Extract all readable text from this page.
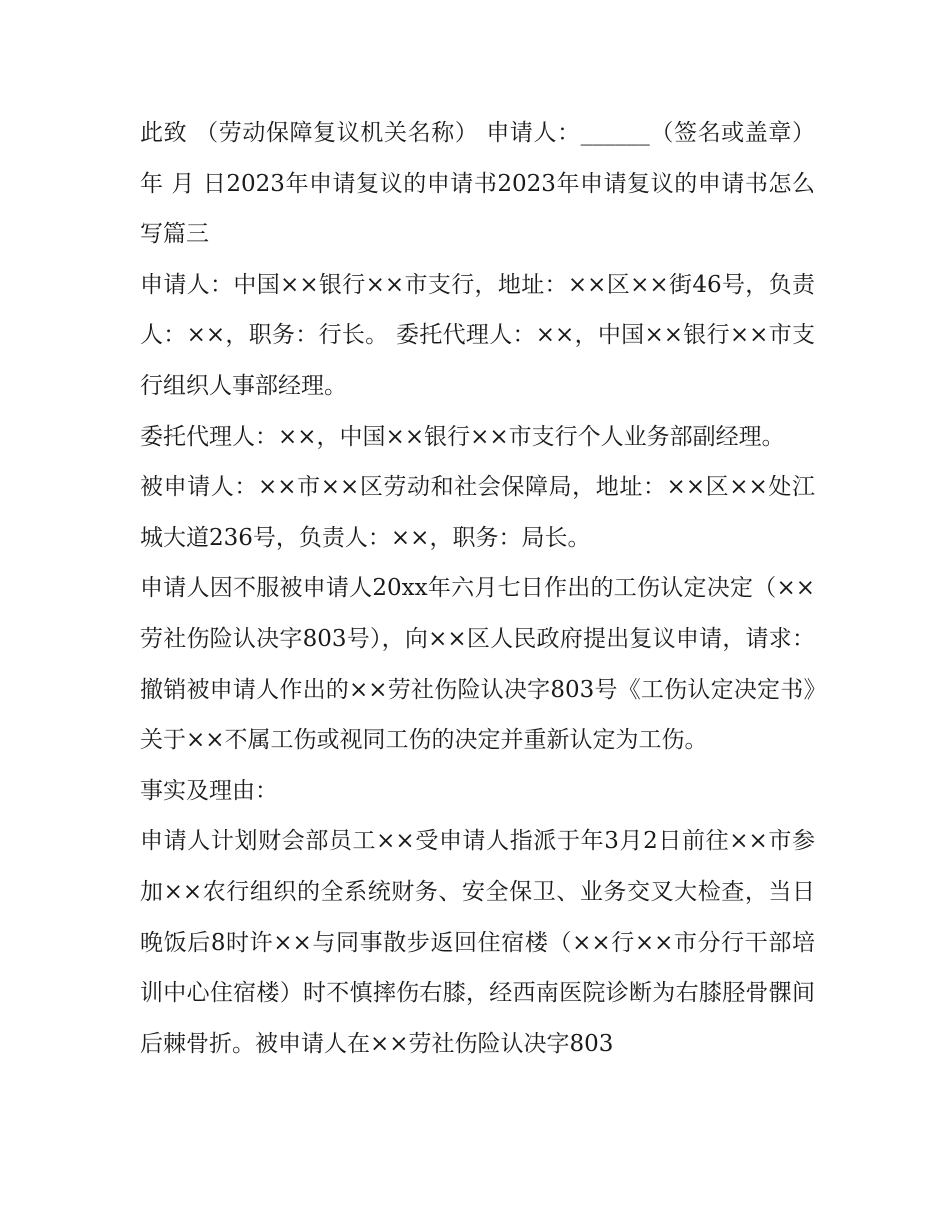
此致 （劳动保障复议机关名称） 申请人：______（签名或盖章） 年 月 日2023年申请复议的申请书2023年申请复议的申请书怎么写篇三

申请人：中国××银行××市支行，地址：××区××街46号，负责人：××，职务：行长。 委托代理人：××，中国××银行××市支行组织人事部经理。

委托代理人：××，中国××银行××市支行个人业务部副经理。

被申请人：××市××区劳动和社会保障局，地址：××区××处江城大道236号，负责人：××，职务：局长。

申请人因不服被申请人20xx年六月七日作出的工伤认定决定（××劳社伤险认决字803号），向××区人民政府提出复议申请，请求：撤销被申请人作出的××劳社伤险认决字803号《工伤认定决定书》关于××不属工伤或视同工伤的决定并重新认定为工伤。

事实及理由：

申请人计划财会部员工××受申请人指派于年3月2日前往××市参加××农行组织的全系统财务、安全保卫、业务交叉大检查，当日晚饭后8时许××与同事散步返回住宿楼（××行××市分行干部培训中心住宿楼）时不慎摔伤右膝，经西南医院诊断为右膝胫骨髁间后棘骨折。被申请人在××劳社伤险认决字803
